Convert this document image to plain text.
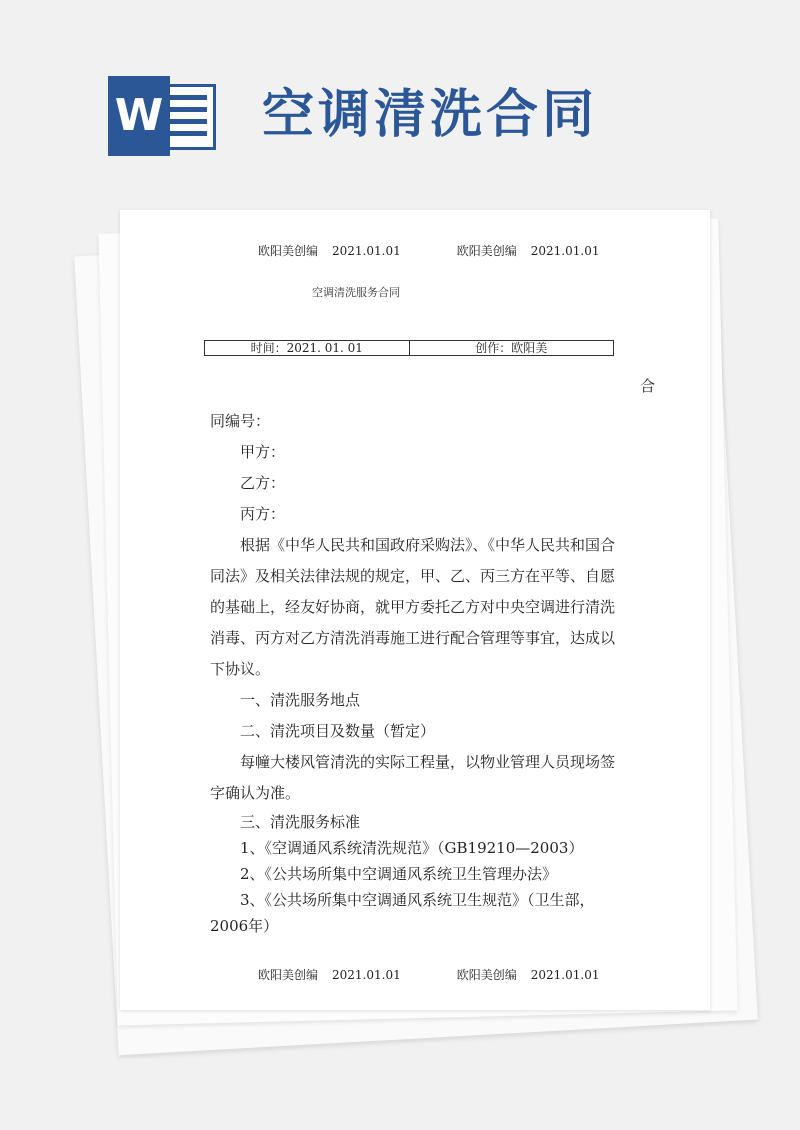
W 空调清洗合同
欧阳美创编 2021.01.01	欧阳美创编 2021.01.01
空调清洗服务合同
时间：2021. 01. 01	创作：欧阳美
合

同编号：

甲方：

乙方：

丙方：

根据《中华人民共和国政府采购法》、《中华人民共和国合同法》及相关法律法规的规定，甲、乙、丙三方在平等、自愿的基础上，经友好协商，就甲方委托乙方对中央空调进行清洗消毒、丙方对乙方清洗消毒施工进行配合管理等事宜，达成以下协议。

一、清洗服务地点

二、清洗项目及数量（暂定）

每幢大楼风管清洗的实际工程量，以物业管理人员现场签字确认为准。

三、清洗服务标准

1、《空调通风系统清洗规范》（GB19210—2003）

2、《公共场所集中空调通风系统卫生管理办法》

3、《公共场所集中空调通风系统卫生规范》（卫生部，2006年）

欧阳美创编 2021.01.01	欧阳美创编 2021.01.01
